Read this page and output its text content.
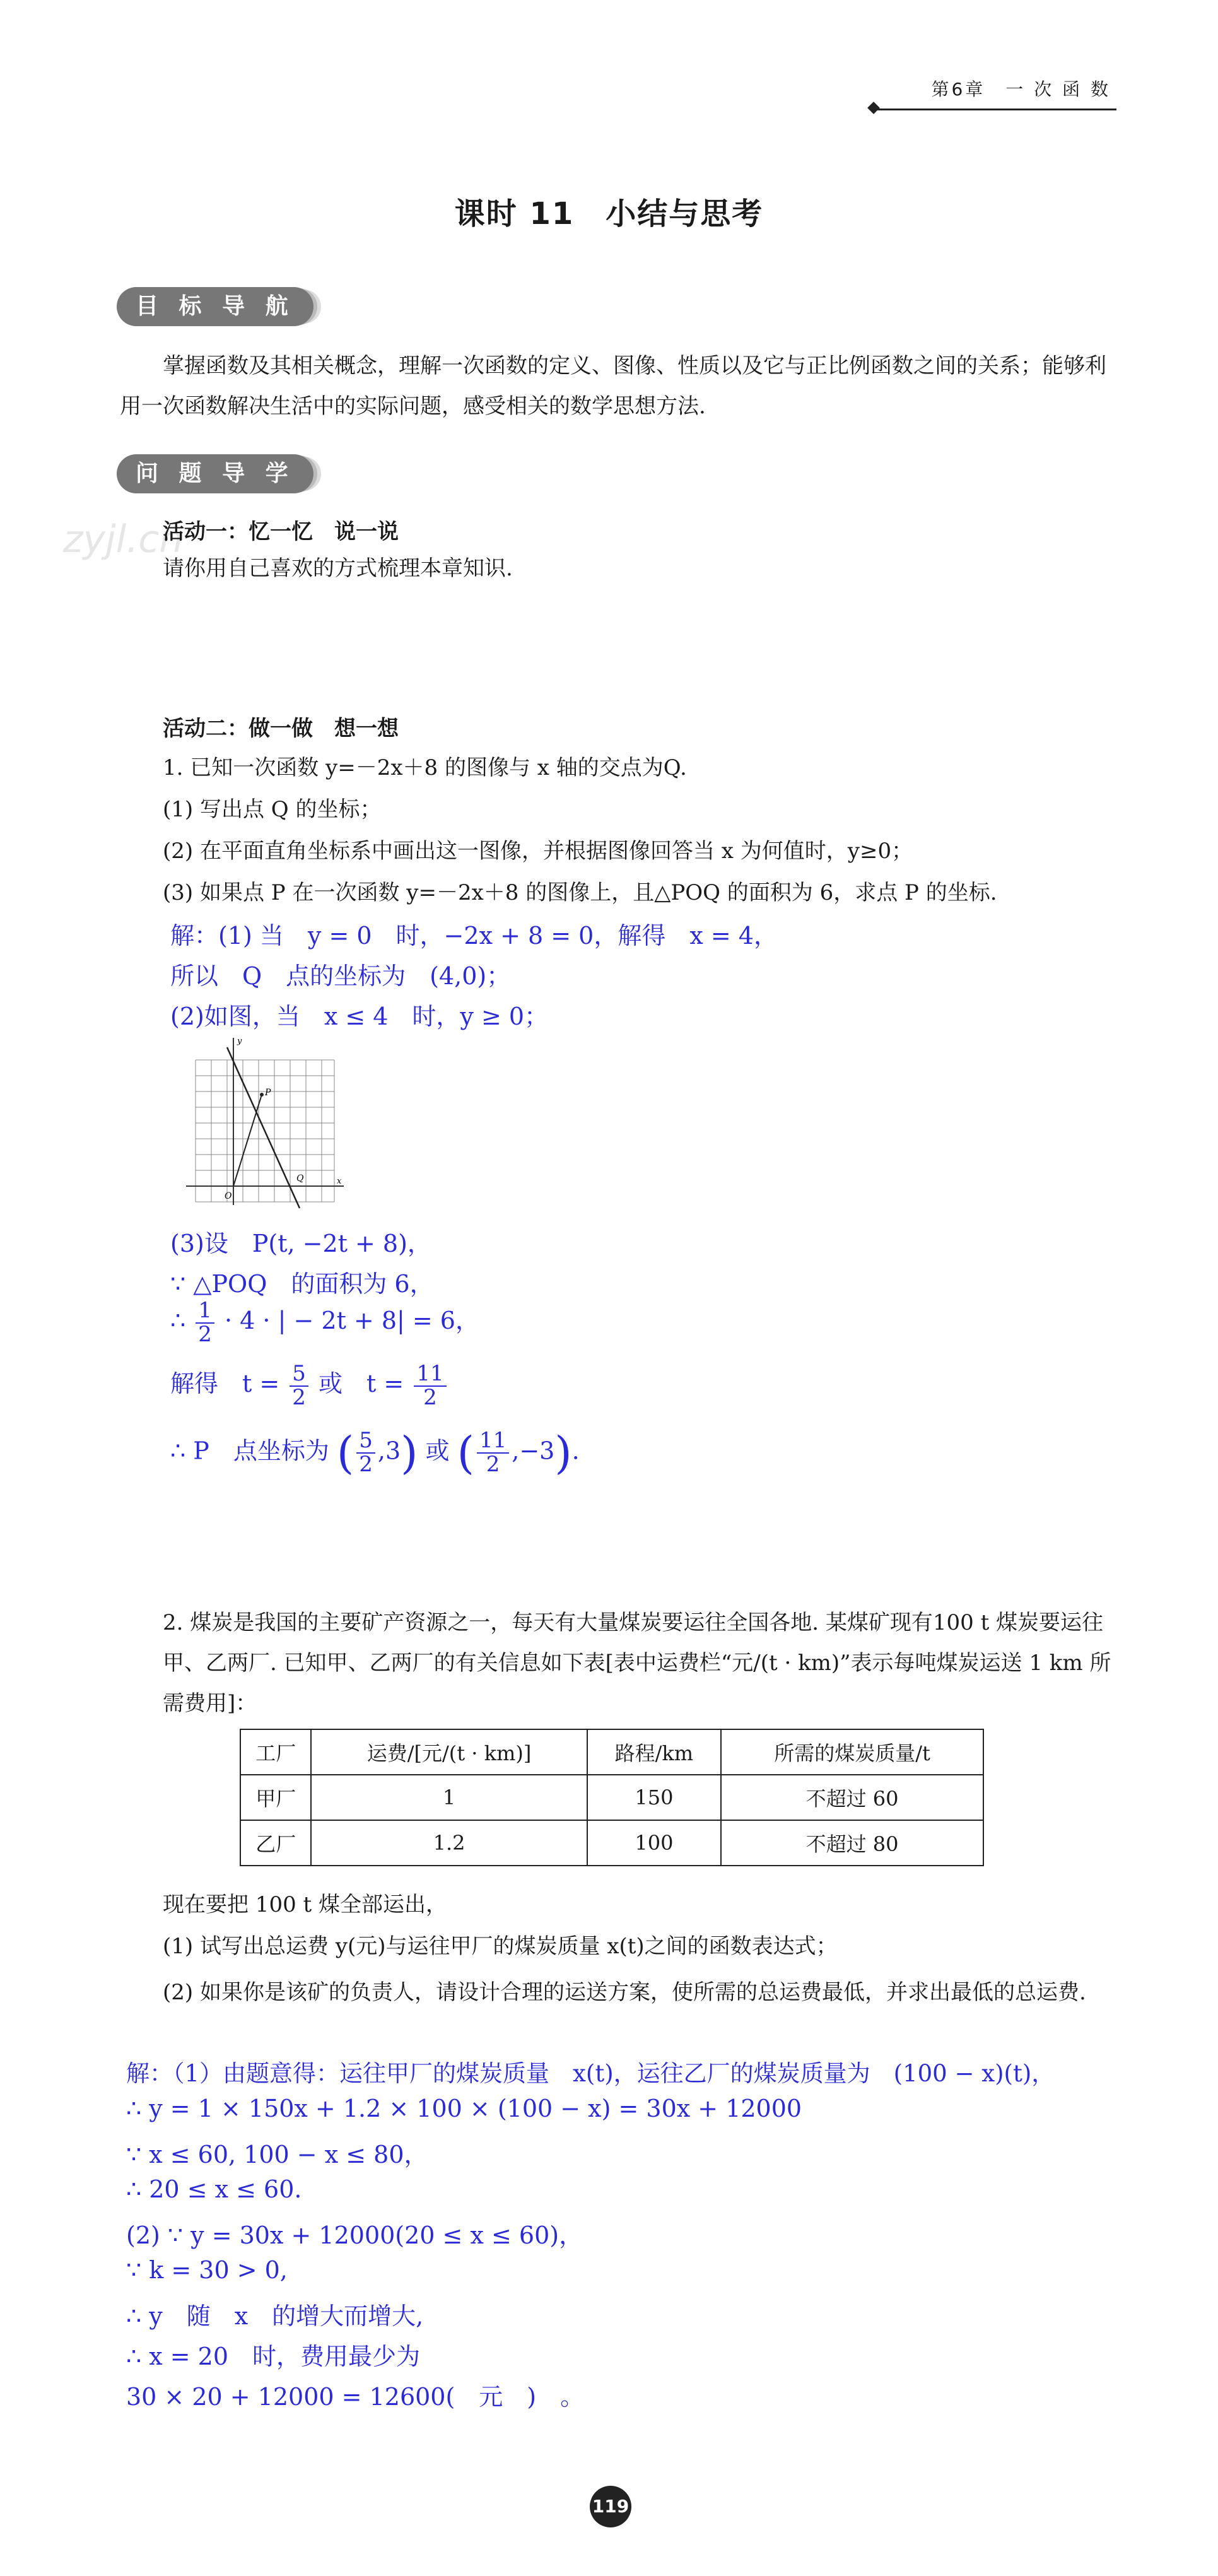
第6章　一 次 函 数
课时 11　小结与思考
zyjl.cn
目 标 导 航
掌握函数及其相关概念，理解一次函数的定义、图像、性质以及它与正比例函数之间的关系；能够利用一次函数解决生活中的实际问题，感受相关的数学思想方法.
问 题 导 学
活动一：忆一忆　说一说
请你用自己喜欢的方式梳理本章知识.
活动二：做一做　想一想
1. 已知一次函数 y=－2x＋8 的图像与 x 轴的交点为Q.
(1) 写出点 Q 的坐标；
(2) 在平面直角坐标系中画出这一图像，并根据图像回答当 x 为何值时，y≥0；
(3) 如果点 P 在一次函数 y=－2x＋8 的图像上，且△POQ 的面积为 6，求点 P 的坐标.
解：(1) 当　y = 0　时，−2x + 8 = 0，解得　x = 4，
所以　Q　点的坐标为　(4,0)；
(2)如图，当　x ≤ 4　时，y ≥ 0；
O
Q
P
y
x
(3)设　P(t, −2t + 8)，
∵ △POQ　的面积为 6，
∴ $\frac{1}{2} \cdot 4$ · | − 2t + 8| = 6，
解得　$t = \frac{5}{2}$ 或　$t = \frac{11}{2}$
∴ P　点坐标为 ( $\frac{5}{2} ,3$) 或 ( $\frac{11}{2} ,-3$).
2. 煤炭是我国的主要矿产资源之一，每天有大量煤炭要运往全国各地. 某煤矿现有100 t 煤炭要运往甲、乙两厂. 已知甲、乙两厂的有关信息如下表[表中运费栏“元/(t · km)”表示每吨煤炭运送 1 km 所需费用]：
工厂	运费/[元/(t · km)]	路程/km	所需的煤炭质量/t
甲厂	1	150	不超过 60
乙厂	1.2	100	不超过 80
现在要把 100 t 煤全部运出，
(1) 试写出总运费 y(元)与运往甲厂的煤炭质量 x(t)之间的函数表达式；
(2) 如果你是该矿的负责人，请设计合理的运送方案，使所需的总运费最低，并求出最低的总运费.
解：（1）由题意得：运往甲厂的煤炭质量　x(t)，运往乙厂的煤炭质量为　(100 − x)(t)，
∴ y = 1 × 150x + 1.2 × 100 × (100 − x) = 30x + 12000
∵ x ≤ 60, 100 − x ≤ 80，
∴ 20 ≤ x ≤ 60.
(2) ∵ y = 30x + 12000(20 ≤ x ≤ 60)，
∵ k = 30 > 0,
∴ y　随　x　的增大而增大,
∴ x = 20　时，费用最少为
30 × 20 + 12000 = 12600(　元　)　。
119
